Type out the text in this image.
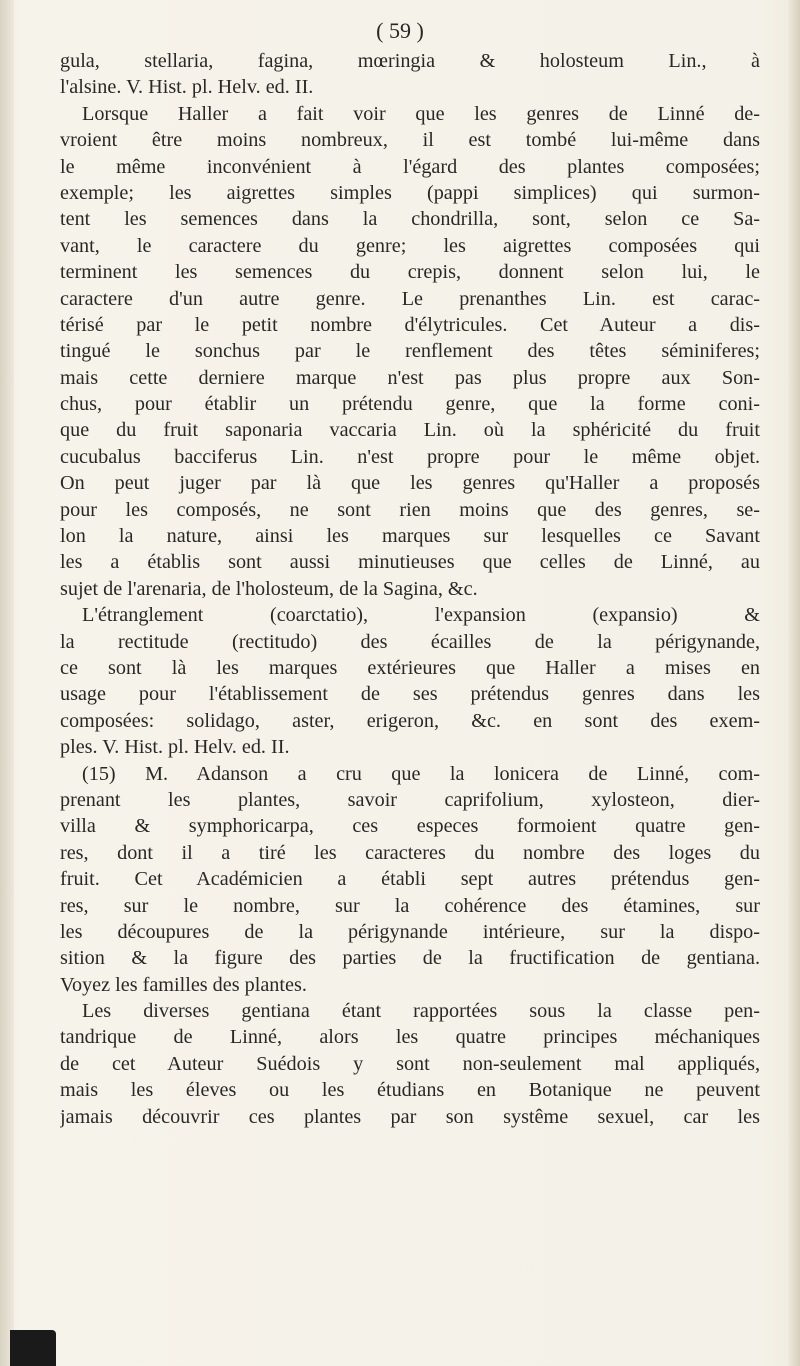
( 59 )
gula, stellaria, fagina, mœringia & holosteum Lin., à
l'alsine. V. Hist. pl. Helv. ed. II.
Lorsque Haller a fait voir que les genres de Linné de-
vroient être moins nombreux, il est tombé lui-même dans
le même inconvénient à l'égard des plantes composées;
exemple; les aigrettes simples (pappi simplices) qui surmon-
tent les semences dans la chondrilla, sont, selon ce Sa-
vant, le caractere du genre; les aigrettes composées qui
terminent les semences du crepis, donnent selon lui, le
caractere d'un autre genre. Le prenanthes Lin. est carac-
térisé par le petit nombre d'élytricules. Cet Auteur a dis-
tingué le sonchus par le renflement des têtes séminiferes;
mais cette derniere marque n'est pas plus propre aux Son-
chus, pour établir un prétendu genre, que la forme coni-
que du fruit saponaria vaccaria Lin. où la sphéricité du fruit
cucubalus bacciferus Lin. n'est propre pour le même objet.
On peut juger par là que les genres qu'Haller a proposés
pour les composés, ne sont rien moins que des genres, se-
lon la nature, ainsi les marques sur lesquelles ce Savant
les a établis sont aussi minutieuses que celles de Linné, au
sujet de l'arenaria, de l'holosteum, de la Sagina, &c.
L'étranglement (coarctatio), l'expansion (expansio) &
la rectitude (rectitudo) des écailles de la périgynande,
ce sont là les marques extérieures que Haller a mises en
usage pour l'établissement de ses prétendus genres dans les
composées: solidago, aster, erigeron, &c. en sont des exem-
ples. V. Hist. pl. Helv. ed. II.
(15) M. Adanson a cru que la lonicera de Linné, com-
prenant les plantes, savoir caprifolium, xylosteon, dier-
villa & symphoricarpa, ces especes formoient quatre gen-
res, dont il a tiré les caracteres du nombre des loges du
fruit. Cet Académicien a établi sept autres prétendus gen-
res, sur le nombre, sur la cohérence des étamines, sur
les découpures de la périgynande intérieure, sur la dispo-
sition & la figure des parties de la fructification de gentiana.
Voyez les familles des plantes.
Les diverses gentiana étant rapportées sous la classe pen-
tandrique de Linné, alors les quatre principes méchaniques
de cet Auteur Suédois y sont non-seulement mal appliqués,
mais les éleves ou les étudians en Botanique ne peuvent
jamais découvrir ces plantes par son systême sexuel, car les
